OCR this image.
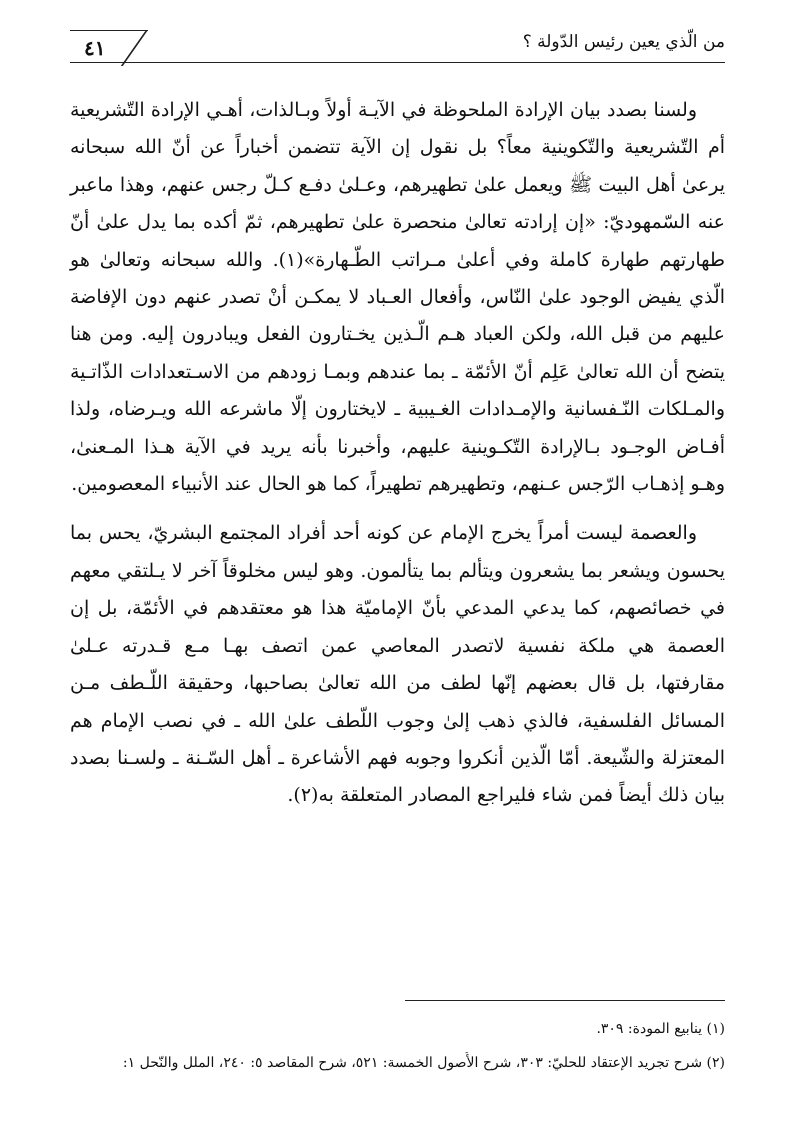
من الّذي يعين رئيس الدّولة ؟
٤١

ولسنا بصدد بيان الإرادة الملحوظة في الآيـة أولاً وبـالذات، أهـي الإرادة التّشريعية أم التّشريعية والتّكوينية معاً؟ بل نقول إن الآية تتضمن أخباراً عن أنّ الله سبحانه يرعىٰ أهل البيت ﷺ ويعمل علىٰ تطهيرهم، وعـلىٰ دفـع كـلّ رجس عنهم، وهذا ماعبر عنه السّمهوديّ: «إن إرادته تعالىٰ منحصرة علىٰ تطهيرهم، ثمّ أكده بما يدل علىٰ أنّ طهارتهم طهارة كاملة وفي أعلىٰ مـراتب الطّـهارة»(١). والله سبحانه وتعالىٰ هو الّذي يفيض الوجود علىٰ النّاس، وأفعال العـباد لا يمكـن أنْ تصدر عنهم دون الإفاضة عليهم من قبل الله، ولكن العباد هـم الّـذين يخـتارون الفعل ويبادرون إليه. ومن هنا يتضح أن الله تعالىٰ عَلِم أنّ الأئمّة ـ بما عندهم وبمـا زودهم من الاسـتعدادات الذّاتـية والمـلكات النّـفسانية والإمـدادات الغـيبية ـ لايختارون إلّا ماشرعه الله ويـرضاه، ولذا أفـاض الوجـود بـالإرادة التّكـوينية عليهم، وأخبرنا بأنه يريد في الآية هـذا المـعنىٰ، وهـو إذهـاب الرّجس عـنهم، وتطهيرهم تطهيراً، كما هو الحال عند الأنبياء المعصومين.

والعصمة ليست أمراً يخرج الإمام عن كونه أحد أفراد المجتمع البشريّ، يحس بما يحسون ويشعر بما يشعرون ويتألم بما يتألمون. وهو ليس مخلوقاً آخر لا يـلتقي معهم في خصائصهم، كما يدعي المدعي بأنّ الإماميّة هذا هو معتقدهم في الأئمّة، بل إن العصمة هي ملكة نفسية لاتصدر المعاصي عمن اتصف بهـا مـع قـدرته عـلىٰ مقارفتها، بل قال بعضهم إنّها لطف من الله تعالىٰ بصاحبها، وحقيقة اللّـطف مـن المسائل الفلسفية، فالذي ذهب إلىٰ وجوب اللّطف علىٰ الله ـ في نصب الإمام هم المعتزلة والشّيعة. أمّا الّذين أنكروا وجوبه فهم الأشاعرة ـ أهل السّـنة ـ ولسـنا بصدد بيان ذلك أيضاً فمن شاء فليراجع المصادر المتعلقة به(٢).

(١) ينابيع المودة: ٣٠٩.

(٢) شرح تجريد الإعتقاد للحليّ: ٣٠٣، شرح الأُصول الخمسة: ٥٢١، شرح المقاصد ٥: ٢٤٠، الملل والنّحل ١:
